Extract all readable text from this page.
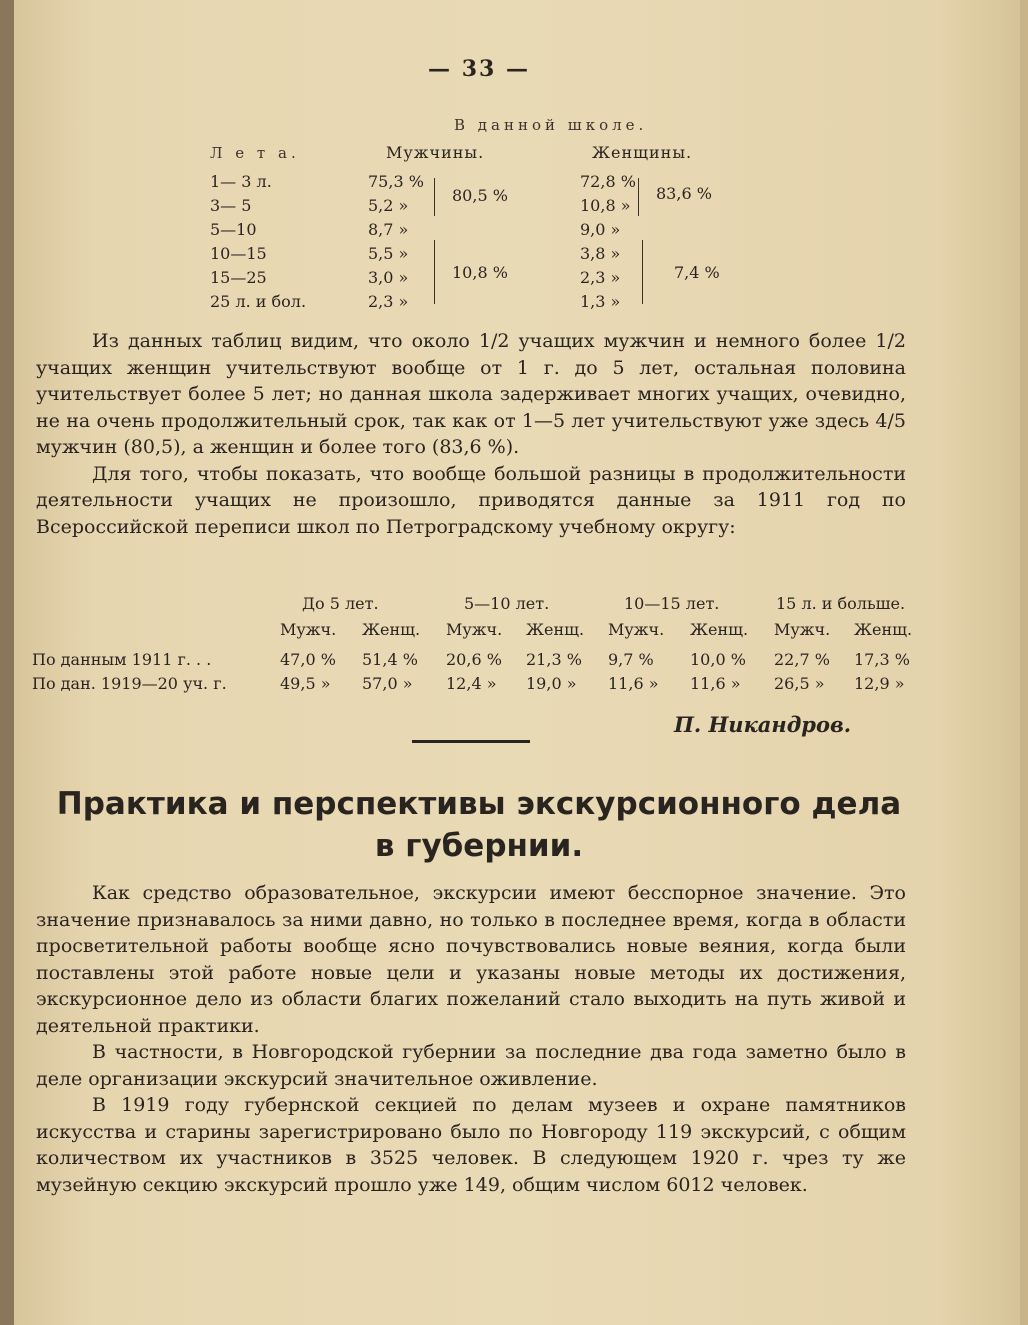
— 33 —
В данной школе.
Л е т а.	Мужчины.	Женщины.
1— 3 л.	75,3 %	72,8 %
3— 5	5,2 »	10,8 »
5—10	8,7 »	9,0 »
10—15	5,5 »	3,8 »
15—25	3,0 »	2,3 »
25 л. и бол.	2,3 »	1,3 »
80,5 %	83,6 %
10,8 %	7,4 %

Из данных таблиц видим, что около 1/2 учащих мужчин и немного более 1/2 учащих женщин учительствуют вообще от 1 г. до 5 лет, остальная половина учительствует более 5 лет; но данная школа задерживает многих учащих, очевидно, не на очень продолжительный срок, так как от 1—5 лет учительствуют уже здесь 4/5 мужчин (80,5), а женщин и более того (83,6 %).

Для того, чтобы показать, что вообще большой разницы в продолжительности деятельности учащих не произошло, приводятся данные за 1911 год по Всероссийской переписи школ по Петроградскому учебному округу:

До 5 лет.	5—10 лет.	10—15 лет.	15 л. и больше.
Мужч. Женщ. Мужч. Женщ. Мужч. Женщ. Мужч. Женщ.
По данным 1911 г. . .	47,0 % 51,4 % 20,6 % 21,3 % 9,7 % 10,0 % 22,7 % 17,3 %
По дан. 1919—20 уч. г.	49,5 » 57,0 » 12,4 » 19,0 » 11,6 » 11,6 » 26,5 » 12,9 »
П. Никандров.
Практика и перспективы экскурсионного дела
в губернии.

Как средство образовательное, экскурсии имеют бесспорное значение. Это значение признавалось за ними давно, но только в последнее время, когда в области просветительной работы вообще ясно почувствовались новые веяния, когда были поставлены этой работе новые цели и указаны новые методы их достижения, экскурсионное дело из области благих пожеланий стало выходить на путь живой и деятельной практики.

В частности, в Новгородской губернии за последние два года заметно было в деле организации экскурсий значительное оживление.

В 1919 году губернской секцией по делам музеев и охране памятников искусства и старины зарегистрировано было по Новгороду 119 экскурсий, с общим количеством их участников в 3525 человек. В следующем 1920 г. чрез ту же музейную секцию экскурсий прошло уже 149, общим числом 6012 человек.
